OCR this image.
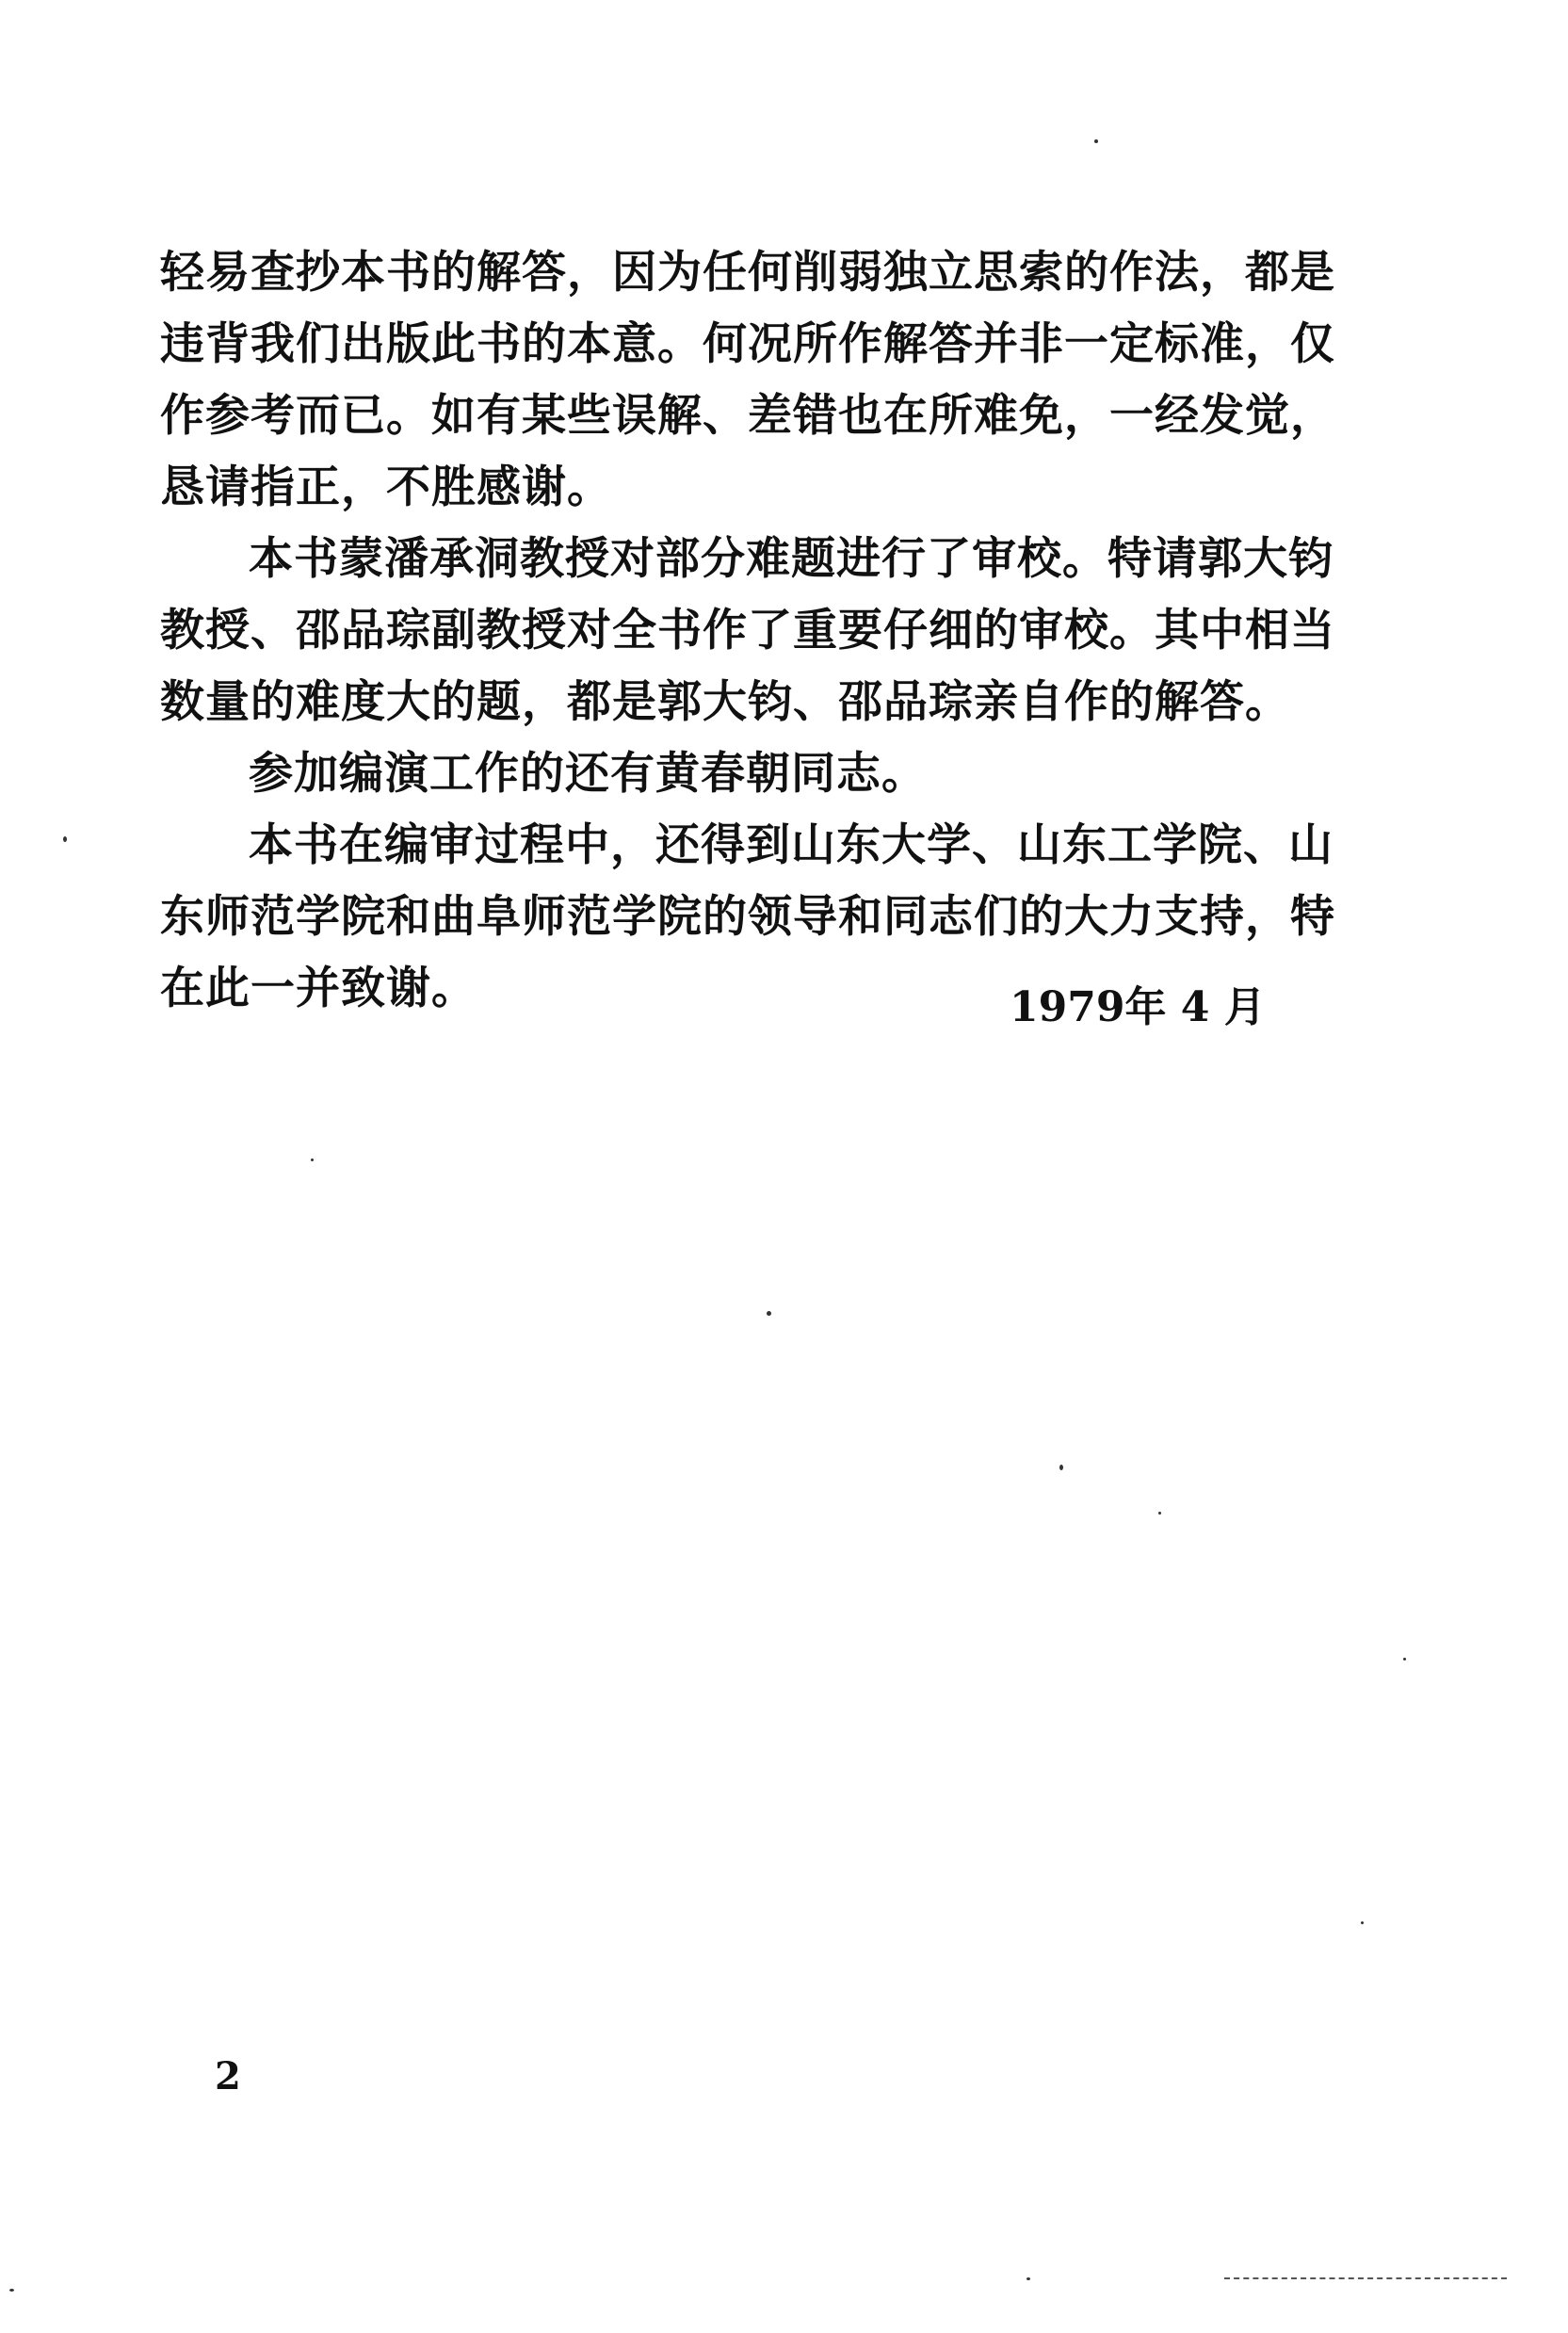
轻易查抄本书的解答，因为任何削弱独立思索的作法，都是
违背我们出版此书的本意。何况所作解答并非一定标准，仅
作参考而已。如有某些误解、差错也在所难免，一经发觉，
恳请指正，不胜感谢。
本书蒙潘承洞教授对部分难题进行了审校。特请郭大钧
教授、邵品琮副教授对全书作了重要仔细的审校。其中相当
数量的难度大的题，都是郭大钧、邵品琮亲自作的解答。
参加编演工作的还有黄春朝同志。
本书在编审过程中，还得到山东大学、山东工学院、山
东师范学院和曲阜师范学院的领导和同志们的大力支持，特
在此一并致谢。	1979年 4 月
2
